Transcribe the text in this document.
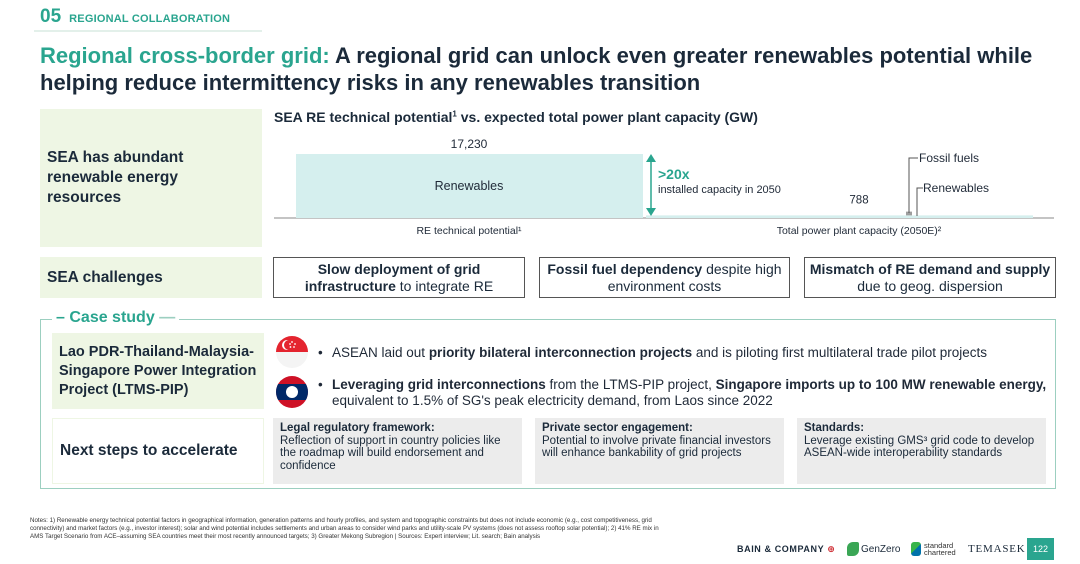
05 REGIONAL COLLABORATION
Regional cross-border grid: A regional grid can unlock even greater renewables potential while helping reduce intermittency risks in any renewables transition
SEA has abundant renewable energy resources
SEA challenges
Lao PDR-Thailand-Malaysia-Singapore Power Integration Project (LTMS-PIP)
SEA RE technical potential$^1$ vs. expected total power plant capacity (GW)
Renewables
17,230
RE technical potential¹
788
Total power plant capacity (2050E)²
>20x
installed capacity in 2050
Fossil fuels
Renewables
Slow deployment of grid infrastructure to integrate RE
Fossil fuel dependency despite high environment costs
Mismatch of RE demand and supply due to geog. dispersion
– Case study —
• ASEAN laid out priority bilateral interconnection projects and is piloting first multilateral trade pilot projects
• Leveraging grid interconnections from the LTMS-PIP project, Singapore imports up to 100 MW renewable energy,
equivalent to 1.5% of SG's peak electricity demand, from Laos since 2022
Next steps to accelerate
Legal regulatory framework:
Reflection of support in country policies like the roadmap will build endorsement and confidence
Private sector engagement:
Potential to involve private financial investors will enhance bankability of grid projects
Standards:
Leverage existing GMS³ grid code to develop ASEAN-wide interoperability standards
Notes: 1) Renewable energy technical potential factors in geographical information, generation patterns and hourly profiles, and system and topographic constraints but does not include economic (e.g., cost competitiveness, grid connectivity) and market factors (e.g., investor interest); solar and wind potential includes settlements and urban areas to consider wind parks and utility-scale PV systems (does not assess rooftop solar potential); 2) 41% RE mix in AMS Target Scenario from ACE–assuming SEA countries meet their most recently announced targets; 3) Greater Mekong Subregion | Sources: Expert interview; Lit. search; Bain analysis
BAIN & COMPANY ⊕	GenZero	standard
chartered TEMASEK 122
